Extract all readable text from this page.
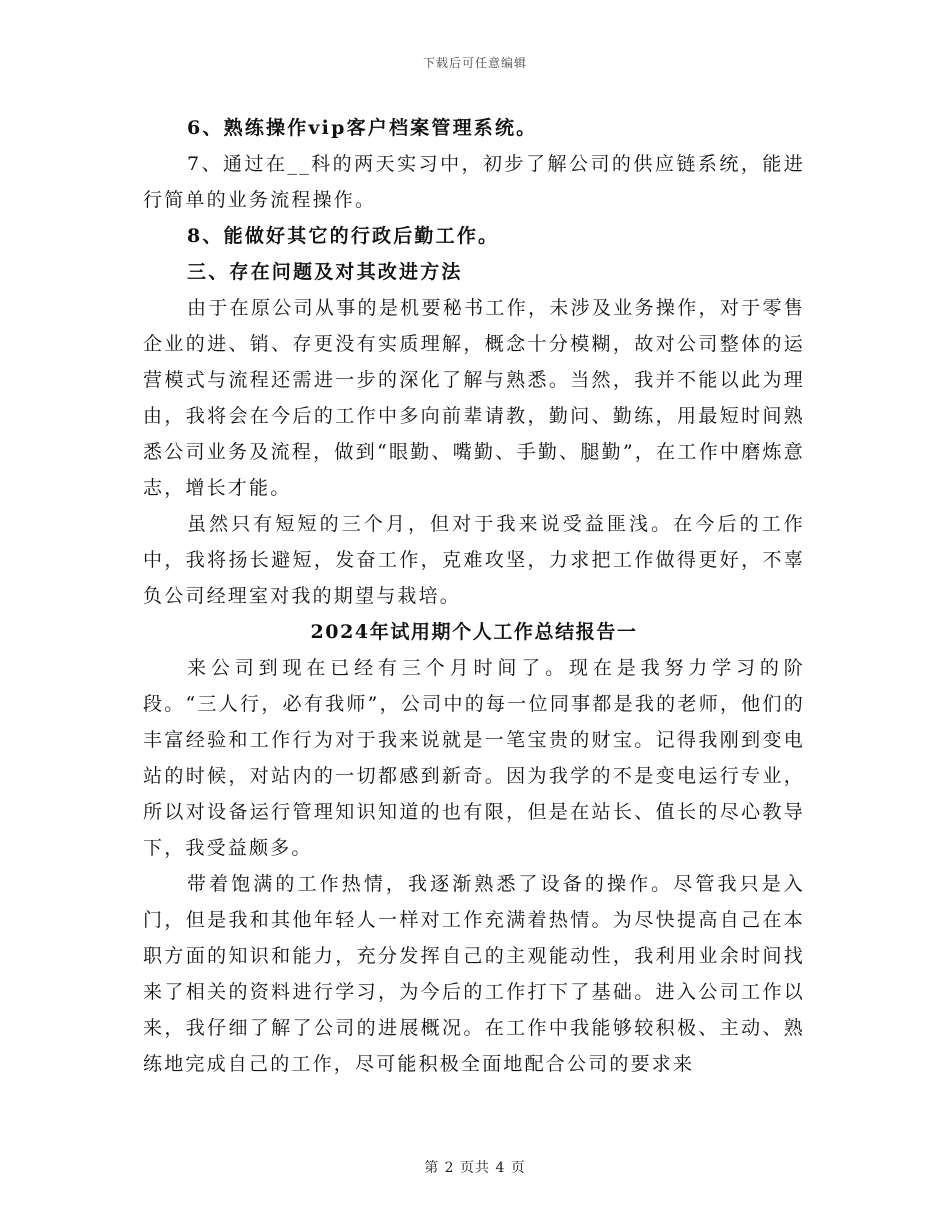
下载后可任意编辑

6、熟练操作vip客户档案管理系统。

7、通过在__科的两天实习中，初步了解公司的供应链系统，能进行简单的业务流程操作。

8、能做好其它的行政后勤工作。

三、存在问题及对其改进方法

由于在原公司从事的是机要秘书工作，未涉及业务操作，对于零售企业的进、销、存更没有实质理解，概念十分模糊，故对公司整体的运营模式与流程还需进一步的深化了解与熟悉。当然，我并不能以此为理由，我将会在今后的工作中多向前辈请教，勤问、勤练，用最短时间熟悉公司业务及流程，做到“眼勤、嘴勤、手勤、腿勤”，在工作中磨炼意志，增长才能。

虽然只有短短的三个月，但对于我来说受益匪浅。在今后的工作中，我将扬长避短，发奋工作，克难攻坚，力求把工作做得更好，不辜负公司经理室对我的期望与栽培。

2024年试用期个人工作总结报告一

来公司到现在已经有三个月时间了。现在是我努力学习的阶段。“三人行，必有我师”，公司中的每一位同事都是我的老师，他们的丰富经验和工作行为对于我来说就是一笔宝贵的财宝。记得我刚到变电站的时候，对站内的一切都感到新奇。因为我学的不是变电运行专业，所以对设备运行管理知识知道的也有限，但是在站长、值长的尽心教导下，我受益颇多。

带着饱满的工作热情，我逐渐熟悉了设备的操作。尽管我只是入门，但是我和其他年轻人一样对工作充满着热情。为尽快提高自己在本职方面的知识和能力，充分发挥自己的主观能动性，我利用业余时间找来了相关的资料进行学习，为今后的工作打下了基础。进入公司工作以来，我仔细了解了公司的进展概况。在工作中我能够较积极、主动、熟练地完成自己的工作，尽可能积极全面地配合公司的要求来

第 2 页共 4 页
